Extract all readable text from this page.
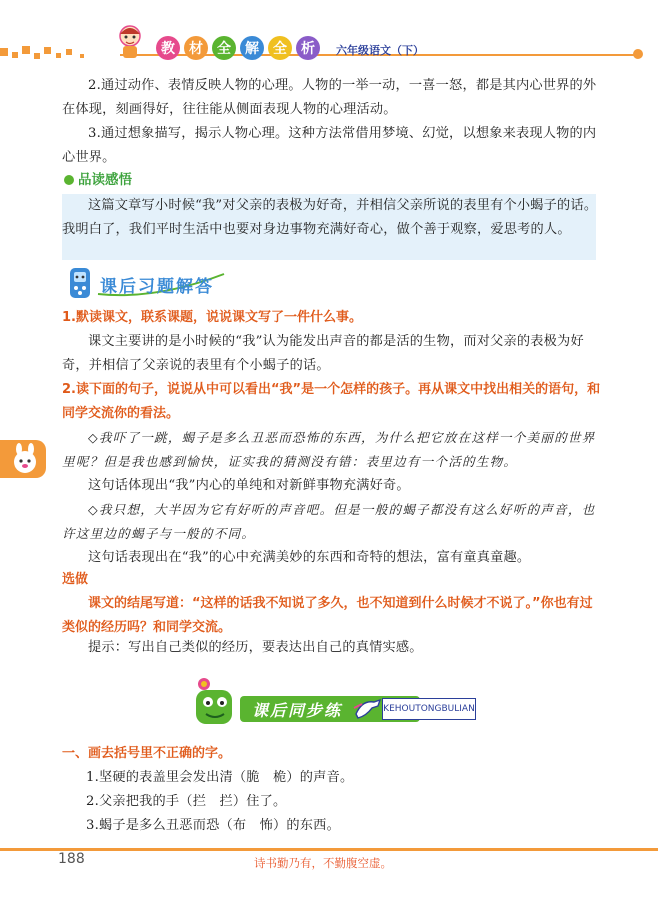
教	材	全	解	全	析	六年级语文（下）
2.通过动作、表情反映人物的心理。人物的一举一动，一喜一怒，都是其内心世界的外在体现，刻画得好，往往能从侧面表现人物的心理活动。
3.通过想象描写，揭示人物心理。这种方法常借用梦境、幻觉，以想象来表现人物的内心世界。
品读感悟
这篇文章写小时候“我”对父亲的表极为好奇，并相信父亲所说的表里有个小蝎子的话。我明白了，我们平时生活中也要对身边事物充满好奇心，做个善于观察，爱思考的人。
课后习题解答
1.默读课文，联系课题，说说课文写了一件什么事。
课文主要讲的是小时候的“我”认为能发出声音的都是活的生物，而对父亲的表极为好奇，并相信了父亲说的表里有个小蝎子的话。
2.读下面的句子，说说从中可以看出“我”是一个怎样的孩子。再从课文中找出相关的语句，和同学交流你的看法。
◇我吓了一跳，蝎子是多么丑恶而恐怖的东西，为什么把它放在这样一个美丽的世界里呢？但是我也感到愉快，证实我的猜测没有错：表里边有一个活的生物。
这句话体现出“我”内心的单纯和对新鲜事物充满好奇。
◇我只想，大半因为它有好听的声音吧。但是一般的蝎子都没有这么好听的声音，也许这里边的蝎子与一般的不同。
这句话表现出在“我”的心中充满美妙的东西和奇特的想法，富有童真童趣。
选做
课文的结尾写道：“这样的话我不知说了多久，也不知道到什么时候才不说了。”你也有过类似的经历吗？和同学交流。
提示：写出自己类似的经历，要表达出自己的真情实感。
课后同步练	KEHOUTONGBULIAN
一、画去括号里不正确的字。
1.坚硬的表盖里会发出清（脆　桅）的声音。
2.父亲把我的手（拦　拦）住了。
3.蝎子是多么丑恶而恐（布　怖）的东西。
188	诗书勤乃有，不勤腹空虚。
